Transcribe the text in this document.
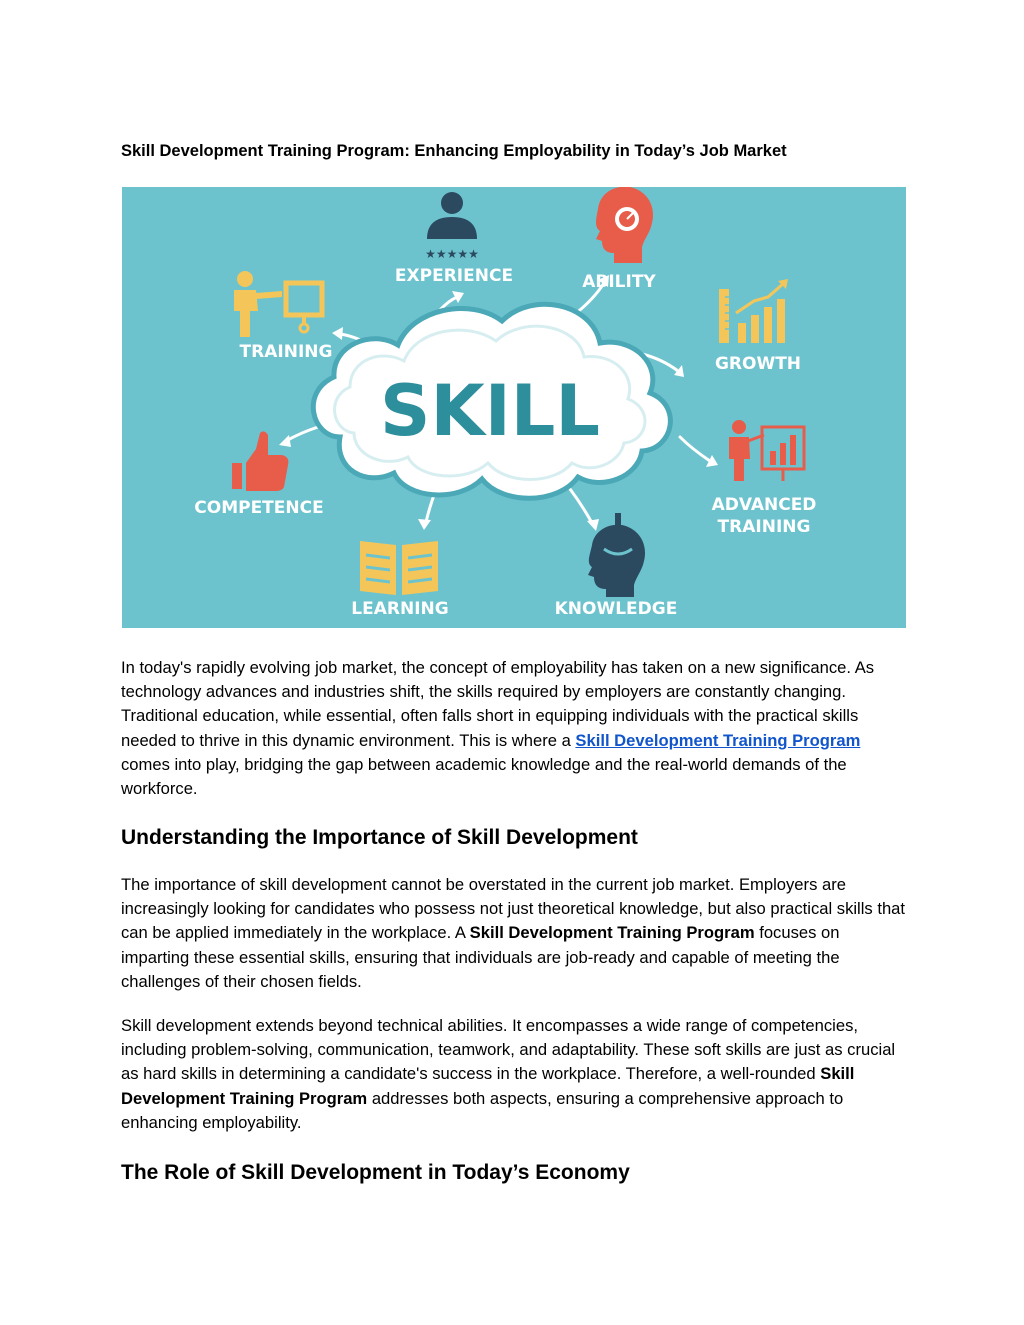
Skill Development Training Program: Enhancing Employability in Today’s Job Market
SKILL
★★★★★
EXPERIENCE	ABILITY
TRAINING
GROWTH
COMPETENCE	ADVANCED
TRAINING
LEARNING	KNOWLEDGE

In today's rapidly evolving job market, the concept of employability has taken on a new significance. As technology advances and industries shift, the skills required by employers are constantly changing. Traditional education, while essential, often falls short in equipping individuals with the practical skills needed to thrive in this dynamic environment. This is where a Skill Development Training Program comes into play, bridging the gap between academic knowledge and the real-world demands of the workforce.

Understanding the Importance of Skill Development

The importance of skill development cannot be overstated in the current job market. Employers are increasingly looking for candidates who possess not just theoretical knowledge, but also practical skills that can be applied immediately in the workplace. A Skill Development Training Program focuses on imparting these essential skills, ensuring that individuals are job-ready and capable of meeting the challenges of their chosen fields.

Skill development extends beyond technical abilities. It encompasses a wide range of competencies, including problem-solving, communication, teamwork, and adaptability. These soft skills are just as crucial as hard skills in determining a candidate's success in the workplace. Therefore, a well-rounded Skill Development Training Program addresses both aspects, ensuring a comprehensive approach to enhancing employability.

The Role of Skill Development in Today’s Economy
